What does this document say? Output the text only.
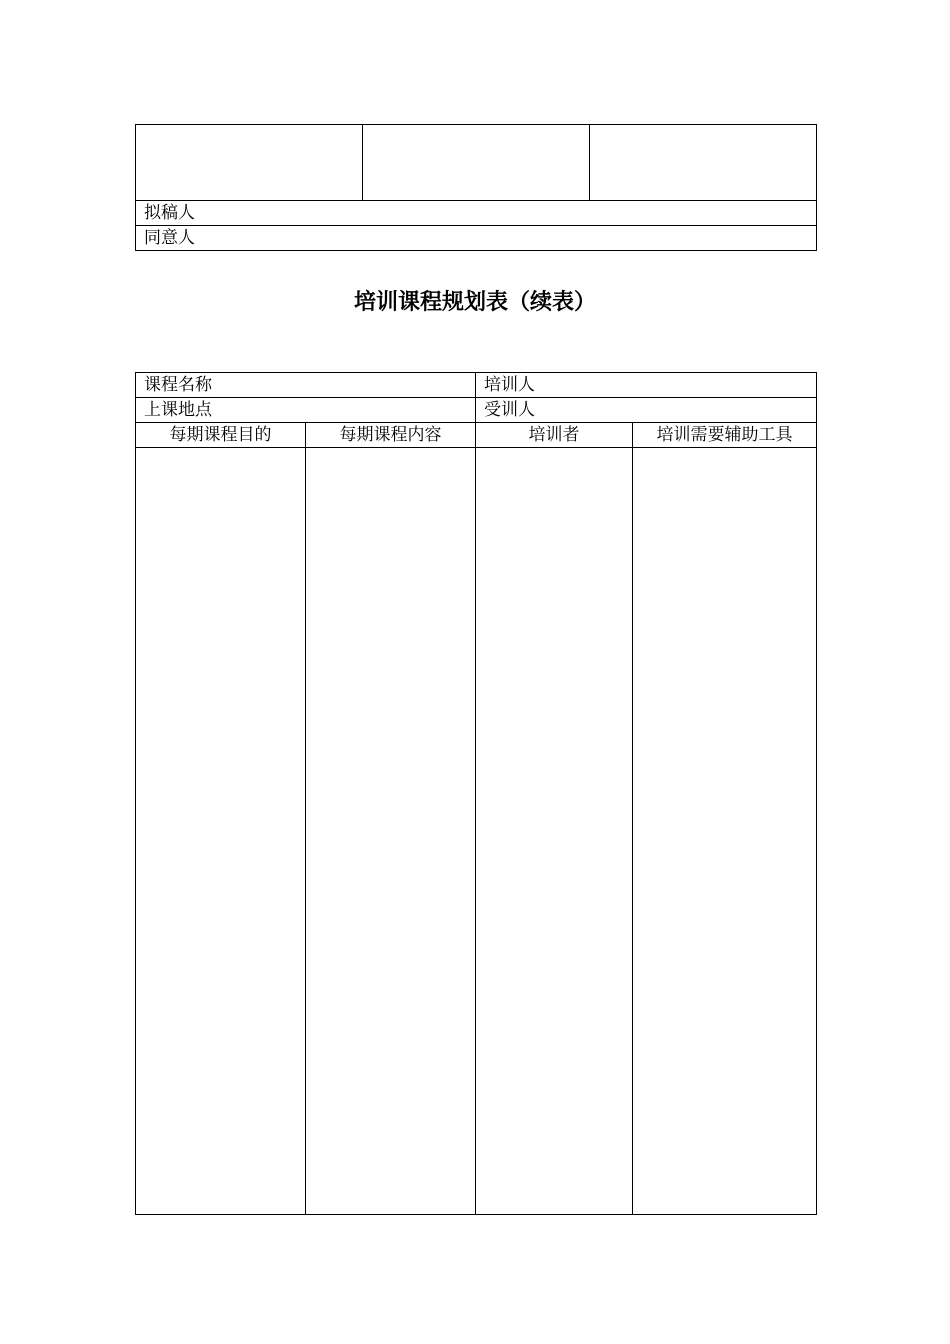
拟稿人
同意人
培训课程规划表（续表）
课程名称		培训人	
上课地点		受训人	
每期课程目的	每期课程内容	培训者	培训需要辅助工具
